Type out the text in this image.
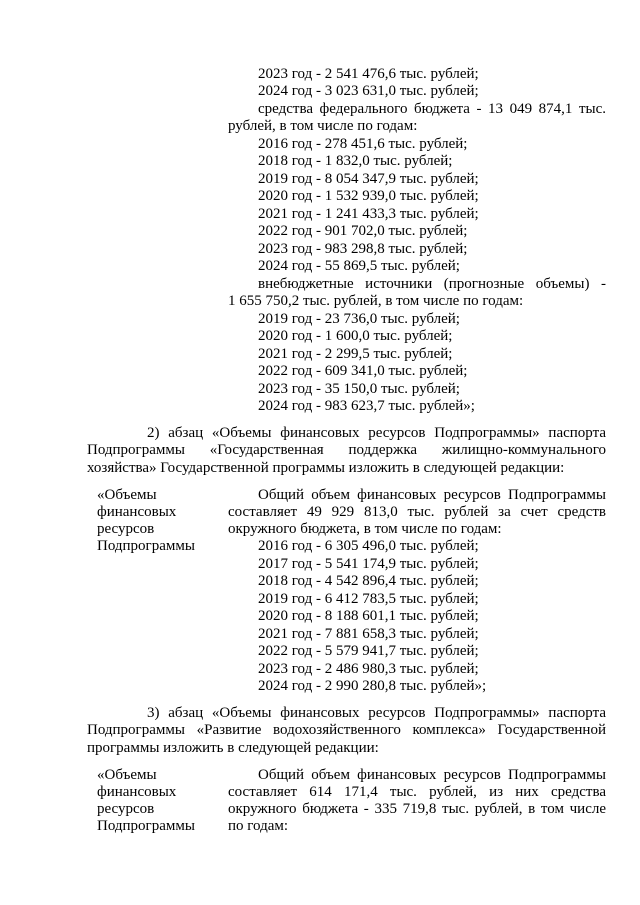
2023 год - 2 541 476,6 тыс. рублей;
2024 год - 3 023 631,0 тыс. рублей;
средства федерального бюджета - 13 049 874,1 тыс.
рублей, в том числе по годам:
2016 год - 278 451,6 тыс. рублей;
2018 год - 1 832,0 тыс. рублей;
2019 год - 8 054 347,9 тыс. рублей;
2020 год - 1 532 939,0 тыс. рублей;
2021 год - 1 241 433,3 тыс. рублей;
2022 год - 901 702,0 тыс. рублей;
2023 год - 983 298,8 тыс. рублей;
2024 год - 55 869,5 тыс. рублей;
внебюджетные источники (прогнозные объемы) -
1 655 750,2 тыс. рублей, в том числе по годам:
2019 год - 23 736,0 тыс. рублей;
2020 год - 1 600,0 тыс. рублей;
2021 год - 2 299,5 тыс. рублей;
2022 год - 609 341,0 тыс. рублей;
2023 год - 35 150,0 тыс. рублей;
2024 год - 983 623,7 тыс. рублей»;
2) абзац «Объемы финансовых ресурсов Подпрограммы» паспорта
Подпрограммы «Государственная поддержка жилищно-коммунального
хозяйства» Государственной программы изложить в следующей редакции:
«Объемы
финансовых
ресурсов
Подпрограммы
Общий объем финансовых ресурсов Подпрограммы
составляет 49 929 813,0 тыс. рублей за счет средств
окружного бюджета, в том числе по годам:
2016 год - 6 305 496,0 тыс. рублей;
2017 год - 5 541 174,9 тыс. рублей;
2018 год - 4 542 896,4 тыс. рублей;
2019 год - 6 412 783,5 тыс. рублей;
2020 год - 8 188 601,1 тыс. рублей;
2021 год - 7 881 658,3 тыс. рублей;
2022 год - 5 579 941,7 тыс. рублей;
2023 год - 2 486 980,3 тыс. рублей;
2024 год - 2 990 280,8 тыс. рублей»;
3) абзац «Объемы финансовых ресурсов Подпрограммы» паспорта
Подпрограммы «Развитие водохозяйственного комплекса» Государственной
программы изложить в следующей редакции:
«Объемы
финансовых
ресурсов
Подпрограммы
Общий объем финансовых ресурсов Подпрограммы
составляет 614 171,4 тыс. рублей, из них средства
окружного бюджета - 335 719,8 тыс. рублей, в том числе
по годам:
